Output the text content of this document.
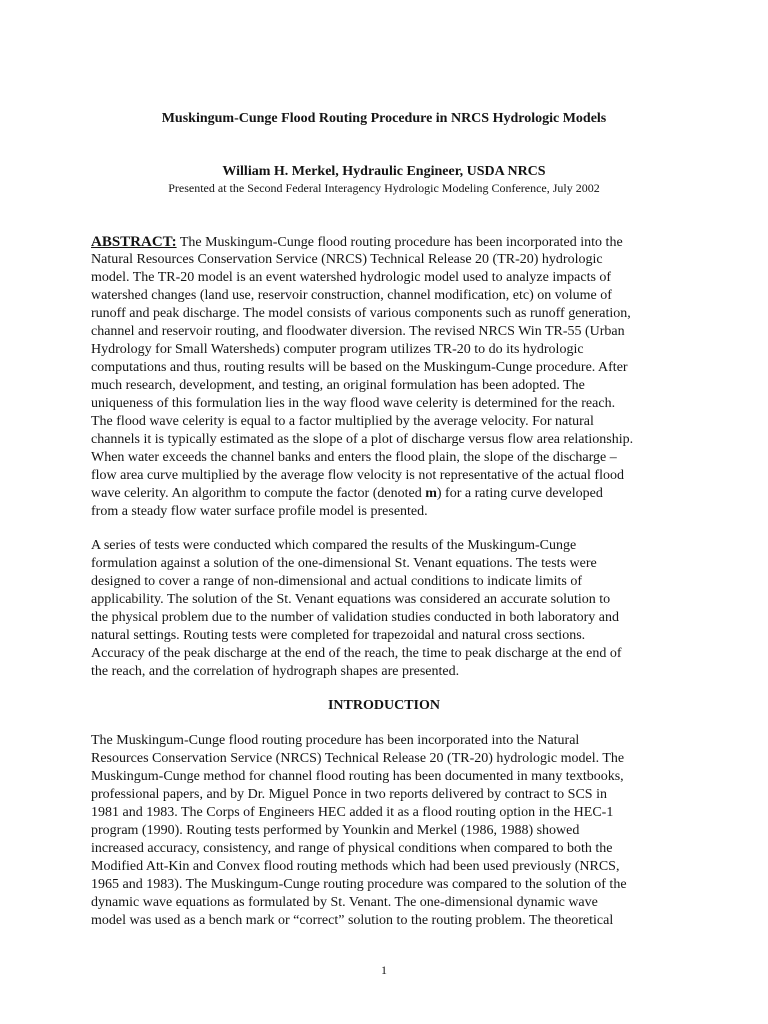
Muskingum-Cunge Flood Routing Procedure in NRCS Hydrologic Models
William H. Merkel, Hydraulic Engineer, USDA NRCS
Presented at the Second Federal Interagency Hydrologic Modeling Conference, July 2002
ABSTRACT: The Muskingum-Cunge flood routing procedure has been incorporated into the
Natural Resources Conservation Service (NRCS) Technical Release 20 (TR-20) hydrologic
model. The TR-20 model is an event watershed hydrologic model used to analyze impacts of
watershed changes (land use, reservoir construction, channel modification, etc) on volume of
runoff and peak discharge. The model consists of various components such as runoff generation,
channel and reservoir routing, and floodwater diversion. The revised NRCS Win TR-55 (Urban
Hydrology for Small Watersheds) computer program utilizes TR-20 to do its hydrologic
computations and thus, routing results will be based on the Muskingum-Cunge procedure. After
much research, development, and testing, an original formulation has been adopted. The
uniqueness of this formulation lies in the way flood wave celerity is determined for the reach.
The flood wave celerity is equal to a factor multiplied by the average velocity. For natural
channels it is typically estimated as the slope of a plot of discharge versus flow area relationship.
When water exceeds the channel banks and enters the flood plain, the slope of the discharge –
flow area curve multiplied by the average flow velocity is not representative of the actual flood
wave celerity. An algorithm to compute the factor (denoted m) for a rating curve developed
from a steady flow water surface profile model is presented.
A series of tests were conducted which compared the results of the Muskingum-Cunge
formulation against a solution of the one-dimensional St. Venant equations. The tests were
designed to cover a range of non-dimensional and actual conditions to indicate limits of
applicability. The solution of the St. Venant equations was considered an accurate solution to
the physical problem due to the number of validation studies conducted in both laboratory and
natural settings. Routing tests were completed for trapezoidal and natural cross sections.
Accuracy of the peak discharge at the end of the reach, the time to peak discharge at the end of
the reach, and the correlation of hydrograph shapes are presented.
INTRODUCTION
The Muskingum-Cunge flood routing procedure has been incorporated into the Natural
Resources Conservation Service (NRCS) Technical Release 20 (TR-20) hydrologic model. The
Muskingum-Cunge method for channel flood routing has been documented in many textbooks,
professional papers, and by Dr. Miguel Ponce in two reports delivered by contract to SCS in
1981 and 1983. The Corps of Engineers HEC added it as a flood routing option in the HEC-1
program (1990). Routing tests performed by Younkin and Merkel (1986, 1988) showed
increased accuracy, consistency, and range of physical conditions when compared to both the
Modified Att-Kin and Convex flood routing methods which had been used previously (NRCS,
1965 and 1983). The Muskingum-Cunge routing procedure was compared to the solution of the
dynamic wave equations as formulated by St. Venant. The one-dimensional dynamic wave
model was used as a bench mark or “correct” solution to the routing problem. The theoretical
1
